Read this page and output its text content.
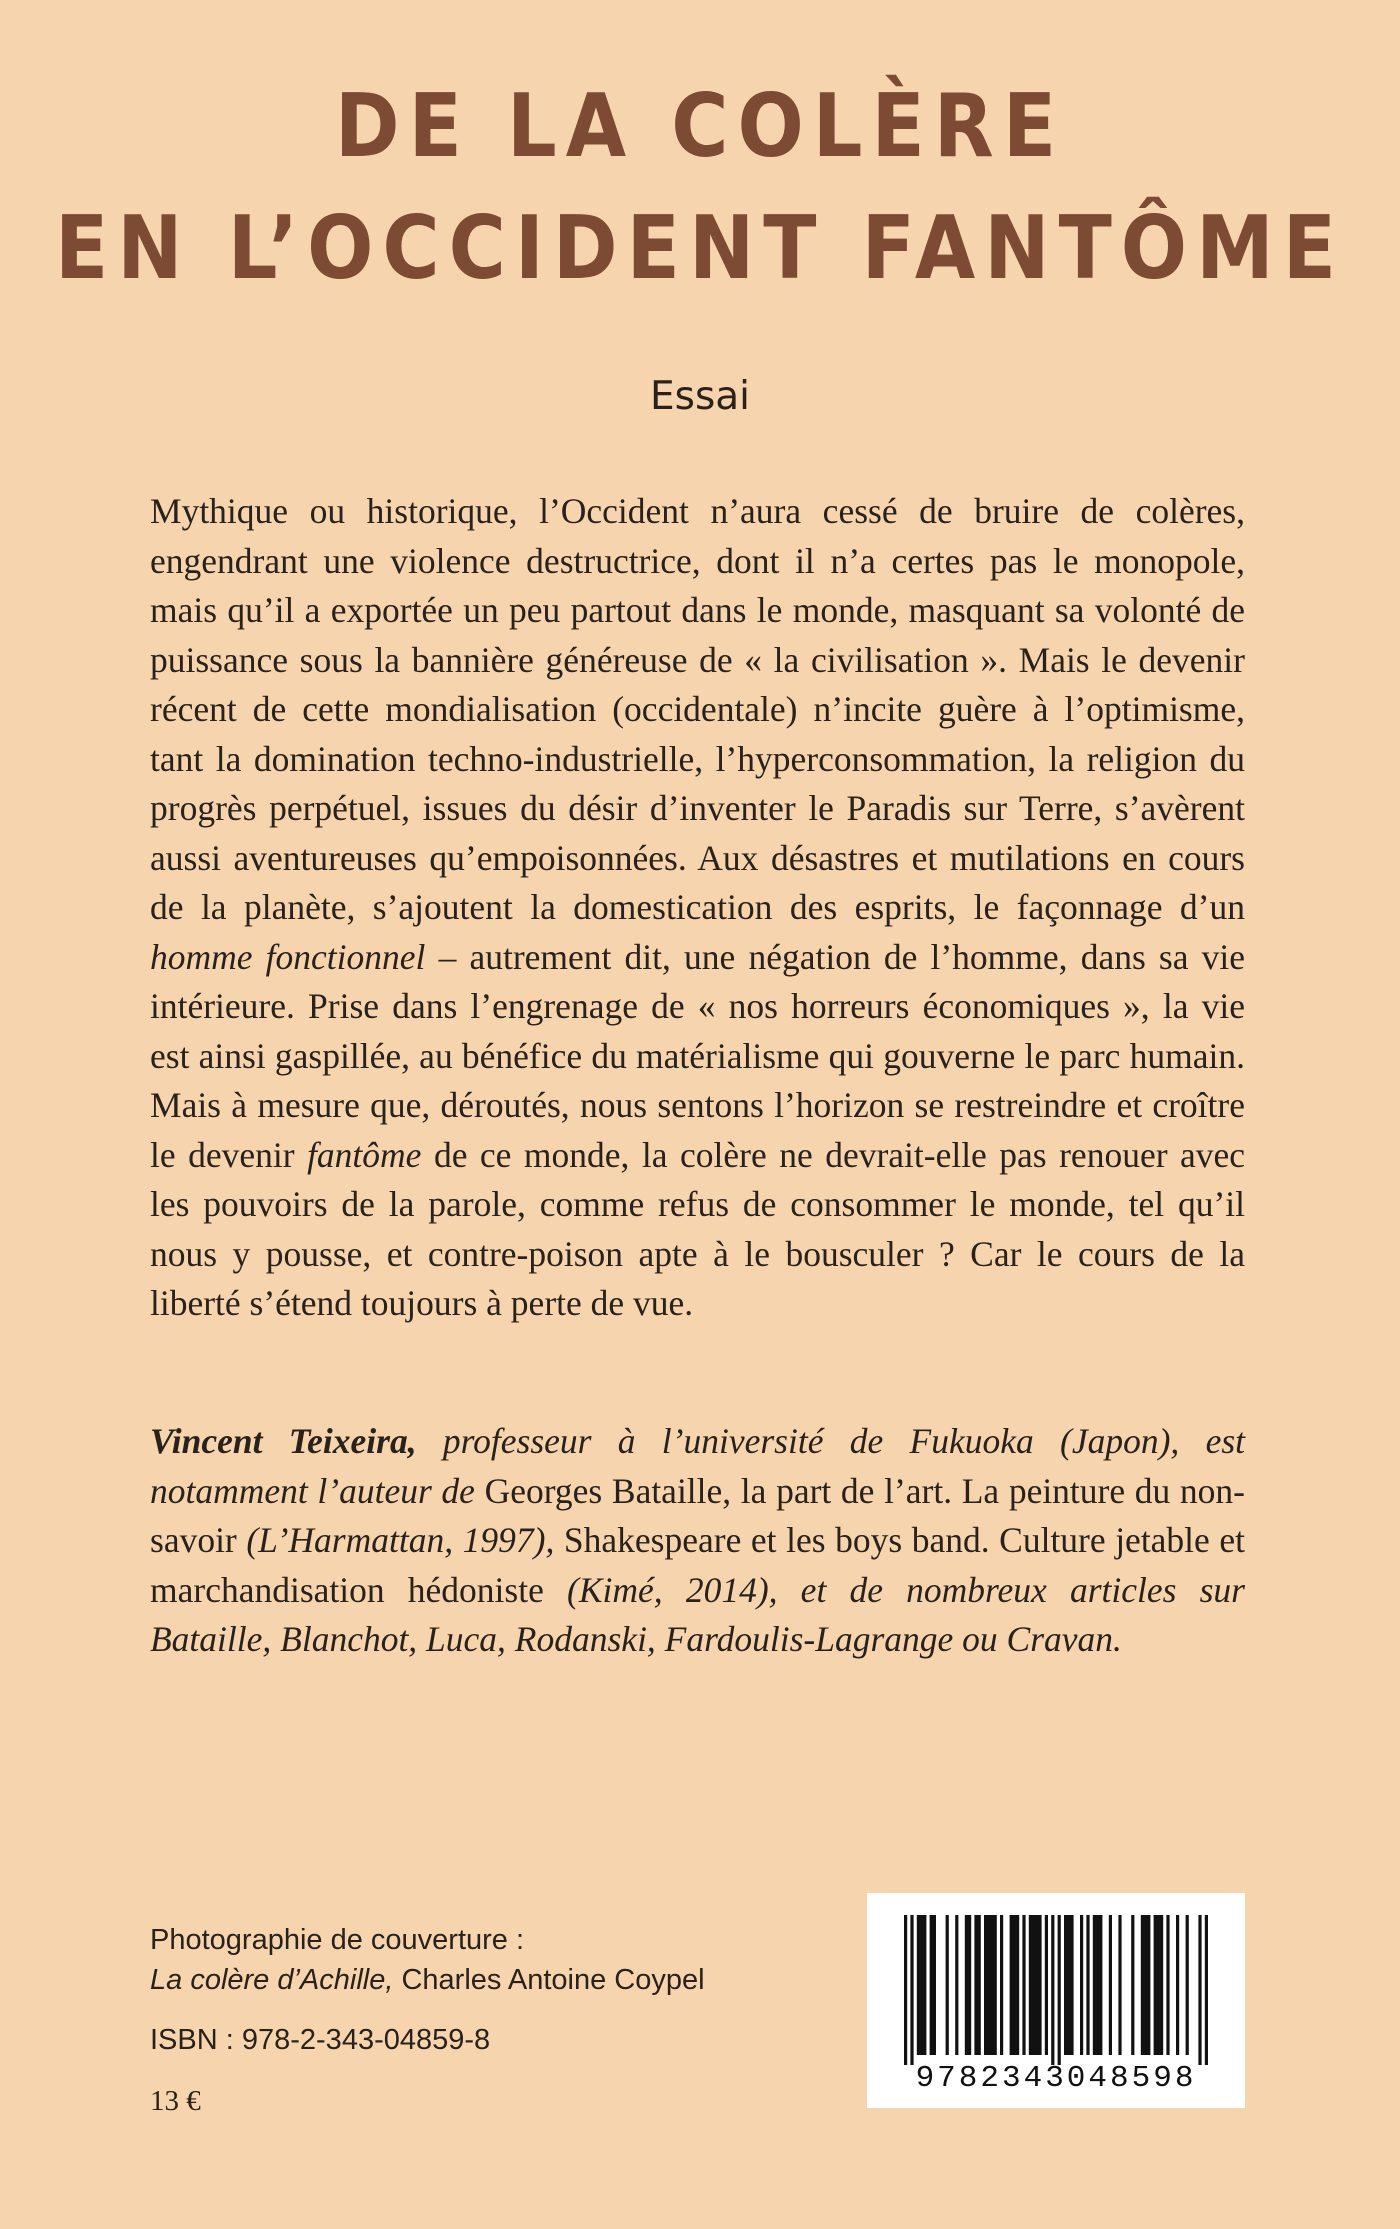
DE LA COLÈRE
EN L’OCCIDENT FANTÔME
Essai

Mythique ou historique, l’Occident n’aura cessé de bruire de colères, engendrant une violence destructrice, dont il n’a certes pas le monopole, mais qu’il a exportée un peu partout dans le monde, masquant sa volonté de puissance sous la bannière généreuse de « la civilisation ». Mais le devenir récent de cette mondialisation (occidentale) n’incite guère à l’optimisme, tant la domination techno-industrielle, l’hyperconsommation, la religion du progrès perpétuel, issues du désir d’inventer le Paradis sur Terre, s’avèrent aussi aventureuses qu’empoisonnées. Aux désastres et mutilations en cours de la planète, s’ajoutent la domestication des esprits, le façonnage d’un homme fonctionnel – autrement dit, une négation de l’homme, dans sa vie intérieure. Prise dans l’engrenage de « nos horreurs économiques », la vie est ainsi gaspillée, au bénéfice du matérialisme qui gouverne le parc humain. Mais à mesure que, déroutés, nous sentons l’horizon se restreindre et croître le devenir fantôme de ce monde, la colère ne devrait-elle pas renouer avec les pouvoirs de la parole, comme refus de consommer le monde, tel qu’il nous y pousse, et contre-poison apte à le bousculer ? Car le cours de la liberté s’étend toujours à perte de vue.

Vincent Teixeira, professeur à l’université de Fukuoka (Japon), est notamment l’auteur de Georges Bataille, la part de l’art. La peinture du non-savoir (L’Harmattan, 1997), Shakespeare et les boys band. Culture jetable et marchandisation hédoniste (Kimé, 2014), et de nombreux articles sur Bataille, Blanchot, Luca, Rodanski, Fardoulis-Lagrange ou Cravan.

Photographie de couverture :
La colère d’Achille, Charles Antoine Coypel
ISBN : 978-2-343-04859-8
13 €
9782343048598
